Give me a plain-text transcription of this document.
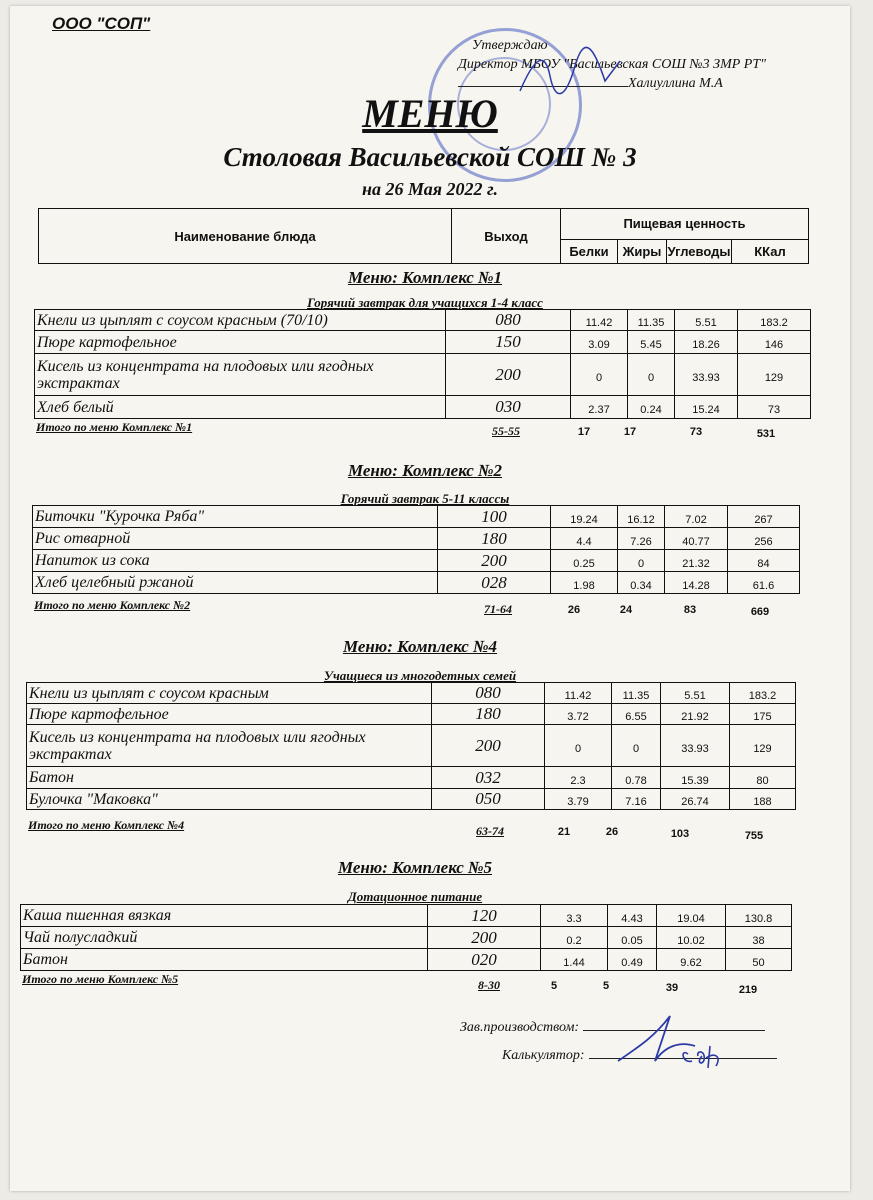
ООО "СОП"
Утверждаю
Директор МБОУ "Васильевская СОШ №3 ЗМР РТ"
Халиуллина М.А
МЕНЮ
Столовая Васильевской СОШ № 3
на 26 Мая 2022 г.
Наименование блюда	Выход	Пищевая ценность			
		Белки	Жиры	Углеводы	ККал
Меню: Комплекс №1
Горячий завтрак для учащихся 1-4 класс
Кнели из цыплят с соусом красным (70/10)	080	11.42	11.35	5.51	183.2
Пюре картофельное	150	3.09	5.45	18.26	146
Кисель из концентрата на плодовых или ягодных экстрактах	200	0	0	33.93	129
Хлеб белый	030	2.37	0.24	15.24	73
Итого по меню Комплекс №1	55-55	17	17	73	531
Меню: Комплекс №2
Горячий завтрак 5-11 классы
Биточки "Курочка Ряба"	100	19.24	16.12	7.02	267
Рис отварной	180	4.4	7.26	40.77	256
Напиток из сока	200	0.25	0	21.32	84
Хлеб целебный ржаной	028	1.98	0.34	14.28	61.6
Итого по меню Комплекс №2	71-64	26	24	83	669
Меню: Комплекс №4
Учащиеся из многодетных семей
Кнели из цыплят с соусом красным	080	11.42	11.35	5.51	183.2
Пюре картофельное	180	3.72	6.55	21.92	175
Кисель из концентрата на плодовых или ягодных экстрактах	200	0	0	33.93	129
Батон	032	2.3	0.78	15.39	80
Булочка "Маковка"	050	3.79	7.16	26.74	188
Итого по меню Комплекс №4	63-74	21	26	103	755
Меню: Комплекс №5
Дотационное питание
Каша пшенная вязкая	120	3.3	4.43	19.04	130.8
Чай полусладкий	200	0.2	0.05	10.02	38
Батон	020	1.44	0.49	9.62	50
Итого по меню Комплекс №5	8-30	5	5	39	219
Зав.производством:
Калькулятор:
